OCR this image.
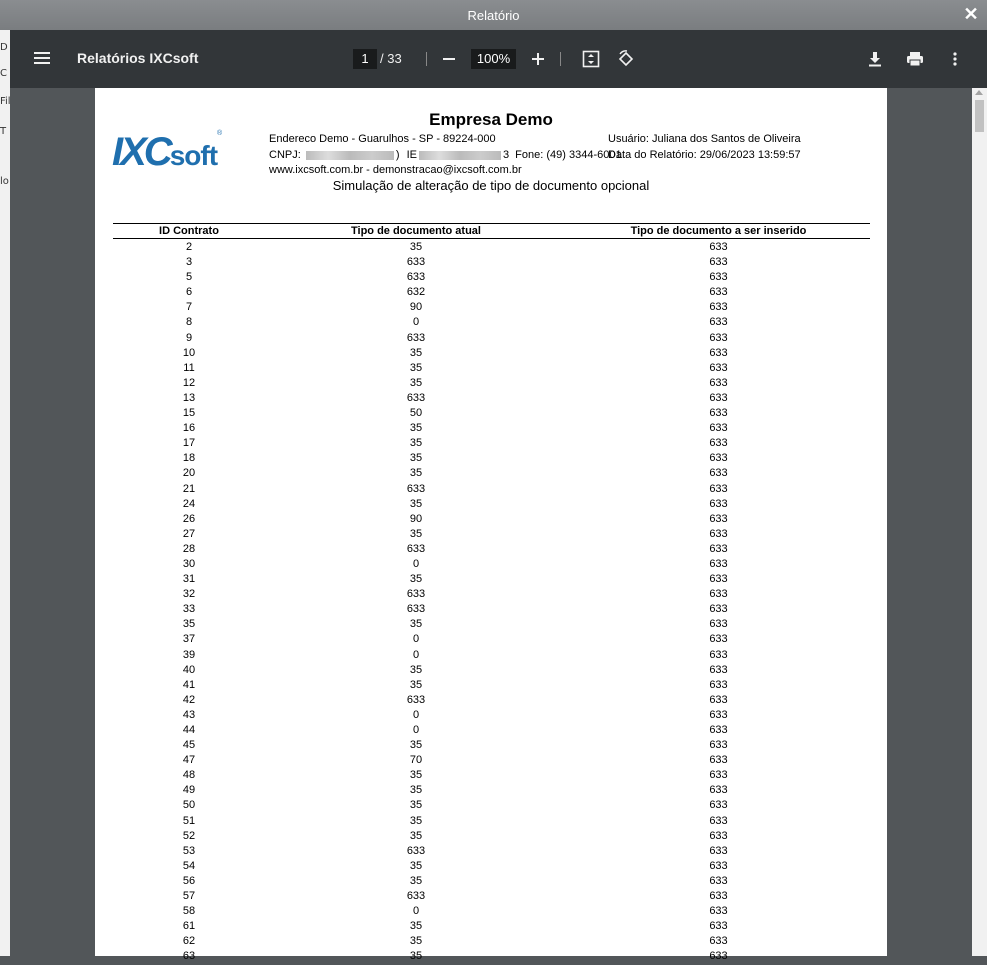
D
C
Fil
T
lo
Relatório	✕
Relatórios IXCsoft	1 / 33	100%
Empresa Demo
IXCsoft®	Endereco Demo - Guarulhos - SP - 89224-000
CNPJ:	) IE	3 Fone: (49) 3344-6001
www.ixcsoft.com.br - demonstracao@ixcsoft.com.br
Usuário: Juliana dos Santos de Oliveira
Data do Relatório: 29/06/2023 13:59:57
Simulação de alteração de tipo de documento opcional
ID Contrato	Tipo de documento atual	Tipo de documento a ser inserido
2	35	633
3	633	633
5	633	633
6	632	633
7	90	633
8	0	633
9	633	633
10	35	633
11	35	633
12	35	633
13	633	633
15	50	633
16	35	633
17	35	633
18	35	633
20	35	633
21	633	633
24	35	633
26	90	633
27	35	633
28	633	633
30	0	633
31	35	633
32	633	633
33	633	633
35	35	633
37	0	633
39	0	633
40	35	633
41	35	633
42	633	633
43	0	633
44	0	633
45	35	633
47	70	633
48	35	633
49	35	633
50	35	633
51	35	633
52	35	633
53	633	633
54	35	633
56	35	633
57	633	633
58	0	633
61	35	633
62	35	633
63	35	633
